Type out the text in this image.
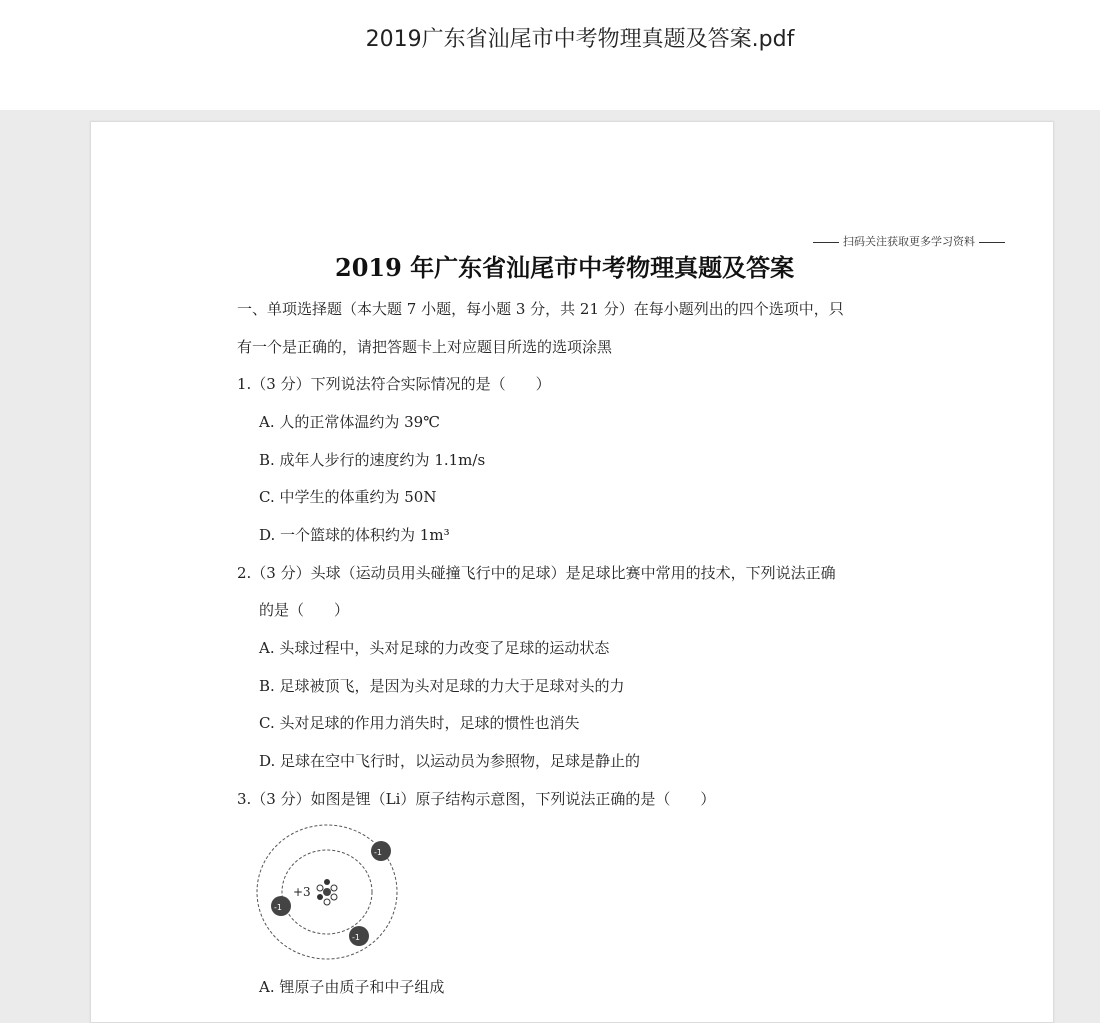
2019广东省汕尾市中考物理真题及答案.pdf
扫码关注获取更多学习资料
2019 年广东省汕尾市中考物理真题及答案
一、单项选择题（本大题 7 小题，每小题 3 分，共 21 分）在每小题列出的四个选项中，只
有一个是正确的，请把答题卡上对应题目所选的选项涂黑
1.（3 分）下列说法符合实际情况的是（　　）
A. 人的正常体温约为 39℃
B. 成年人步行的速度约为 1.1m/s
C. 中学生的体重约为 50N
D. 一个篮球的体积约为 1m³
2.（3 分）头球（运动员用头碰撞飞行中的足球）是足球比赛中常用的技术，下列说法正确
的是（　　）
A. 头球过程中，头对足球的力改变了足球的运动状态
B. 足球被顶飞，是因为头对足球的力大于足球对头的力
C. 头对足球的作用力消失时，足球的惯性也消失
D. 足球在空中飞行时，以运动员为参照物，足球是静止的
3.（3 分）如图是锂（Li）原子结构示意图，下列说法正确的是（　　）
+3
-1
-1
-1
A. 锂原子由质子和中子组成
